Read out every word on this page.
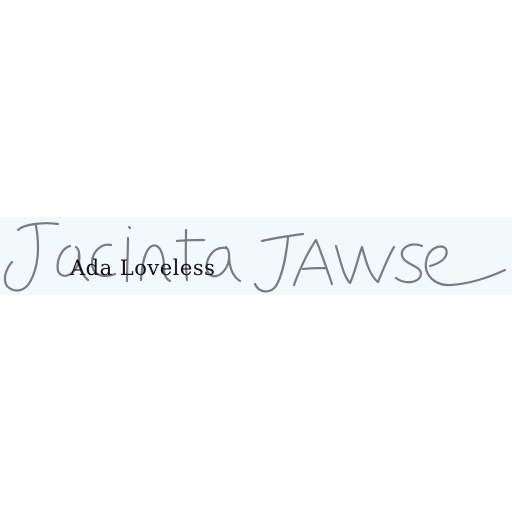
Ada Loveless
